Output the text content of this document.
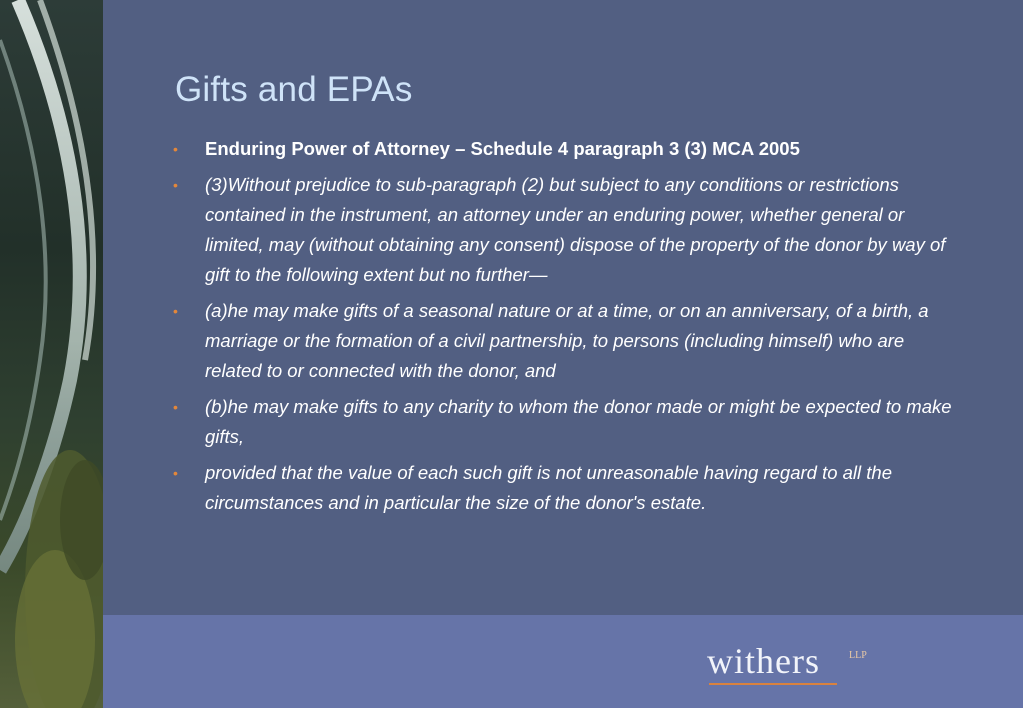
Gifts and EPAs
• Enduring Power of Attorney – Schedule 4 paragraph 3 (3) MCA 2005
• (3)Without prejudice to sub-paragraph (2) but subject to any conditions or restrictions contained in the instrument, an attorney under an enduring power, whether general or limited, may (without obtaining any consent) dispose of the property of the donor by way of gift to the following extent but no further—
• (a)he may make gifts of a seasonal nature or at a time, or on an anniversary, of a birth, a marriage or the formation of a civil partnership, to persons (including himself) who are related to or connected with the donor, and
• (b)he may make gifts to any charity to whom the donor made or might be expected to make gifts,
• provided that the value of each such gift is not unreasonable having regard to all the circumstances and in particular the size of the donor's estate.
withers	LLP
